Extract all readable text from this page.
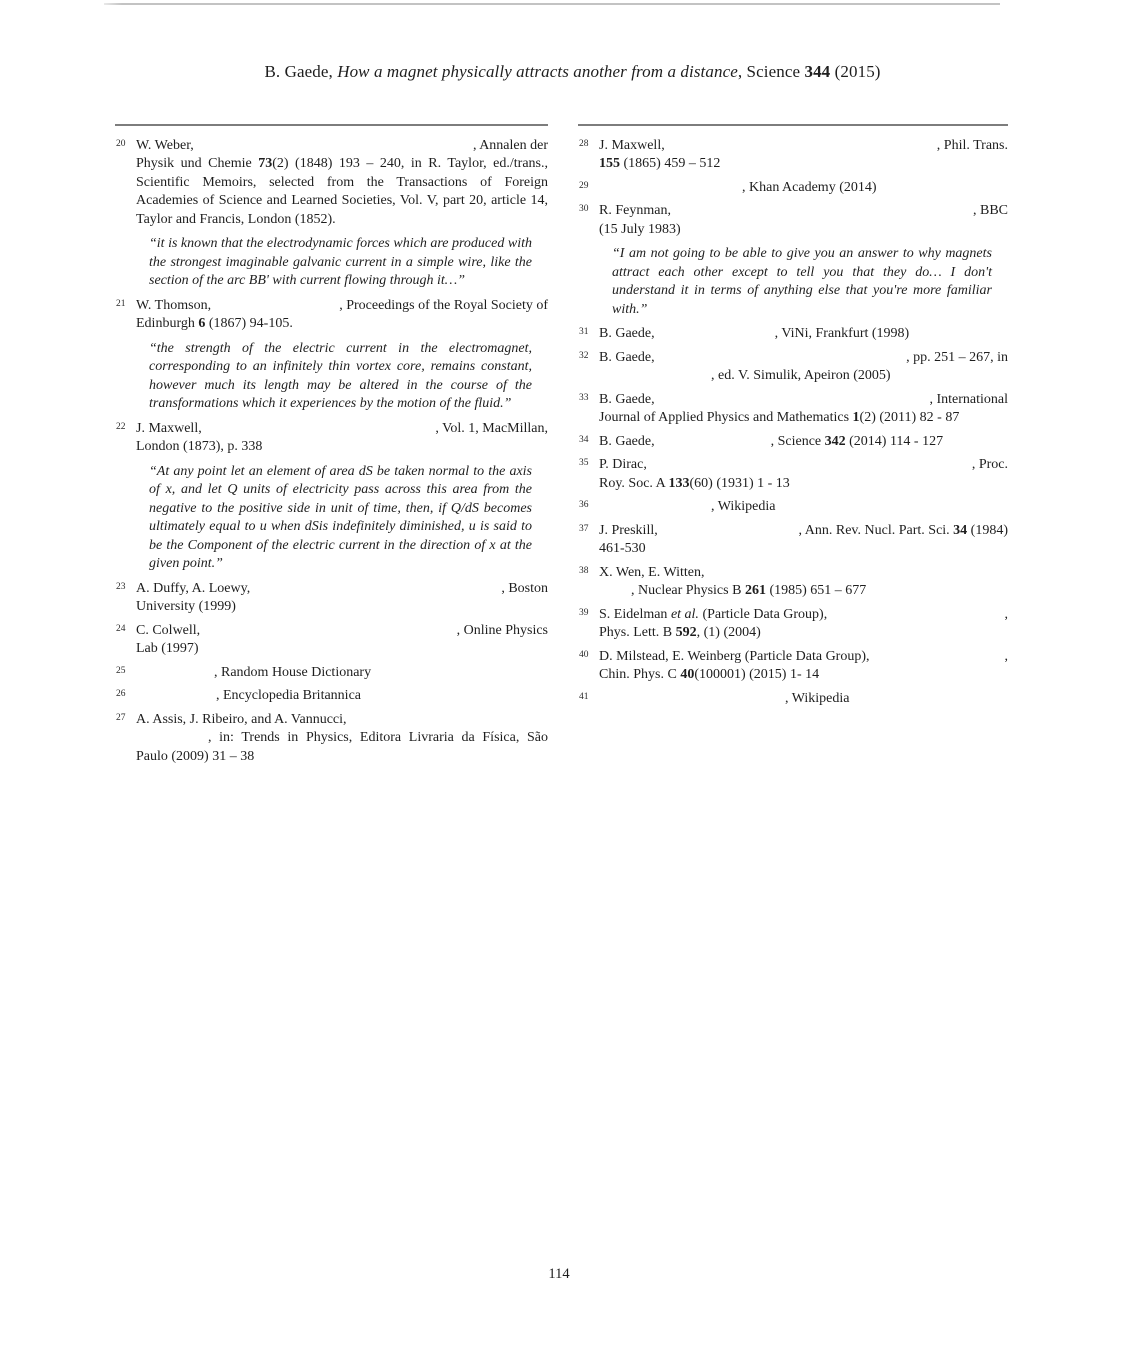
B. Gaede, How a magnet physically attracts another from a distance, Science 344 (2015)
20 W. Weber,	, Annalen der
Physik und Chemie 73(2) (1848) 193 – 240, in R. Taylor, ed./trans., Scientific Memoirs, selected from the Transactions of Foreign Academies of Science and Learned Societies, Vol. V, part 20, article 14, Taylor and Francis, London (1852).
“it is known that the electrodynamic forces which are produced with the strongest imaginable galvanic current in a simple wire, like the section of the arc BB' with current flowing through it…”
21 W. Thomson,	, Proceedings of the Royal Society of
Edinburgh 6 (1867) 94-105.
“the strength of the electric current in the electromagnet, corresponding to an infinitely thin vortex core, remains constant, however much its length may be altered in the course of the transformations which it experiences by the motion of the fluid.”
22 J. Maxwell,	, Vol. 1, MacMillan,
London (1873), p. 338
“At any point let an element of area dS be taken normal to the axis of x, and let Q units of electricity pass across this area from the negative to the positive side in unit of time, then, if Q/dS becomes ultimately equal to u when dSis indefinitely diminished, u is said to be the Component of the electric current in the direction of x at the given point.”
23 A. Duffy, A. Loewy,	, Boston
University (1999)
24 C. Colwell,	, Online Physics
Lab (1997)
25	, Random House Dictionary
26	, Encyclopedia Britannica
27 A. Assis, J. Ribeiro, and A. Vannucci,
, in: Trends in Physics, Editora Livraria da Física, São
Paulo (2009) 31 – 38
28 J. Maxwell,	, Phil. Trans.
155 (1865) 459 – 512
29	, Khan Academy (2014)
30 R. Feynman,	, BBC
(15 July 1983)
“I am not going to be able to give you an answer to why magnets attract each other except to tell you that they do… I don't understand it in terms of anything else that you're more familiar with.”
31 B. Gaede,	, ViNi, Frankfurt (1998)
32 B. Gaede,	, pp. 251 – 267, in
, ed. V. Simulik, Apeiron (2005)
33 B. Gaede,	, International
Journal of Applied Physics and Mathematics 1(2) (2011) 82 - 87
34 B. Gaede,	, Science 342 (2014) 114 - 127
35 P. Dirac,	, Proc.
Roy. Soc. A 133(60) (1931) 1 - 13
36	, Wikipedia
37 J. Preskill,	, Ann. Rev. Nucl. Part. Sci. 34 (1984)
461-530
38 X. Wen, E. Witten,
, Nuclear Physics B 261 (1985) 651 – 677
39 S. Eidelman et al. (Particle Data Group),	,
Phys. Lett. B 592, (1) (2004)
40 D. Milstead, E. Weinberg (Particle Data Group),	,
Chin. Phys. C 40(100001) (2015) 1- 14
41	, Wikipedia
114
